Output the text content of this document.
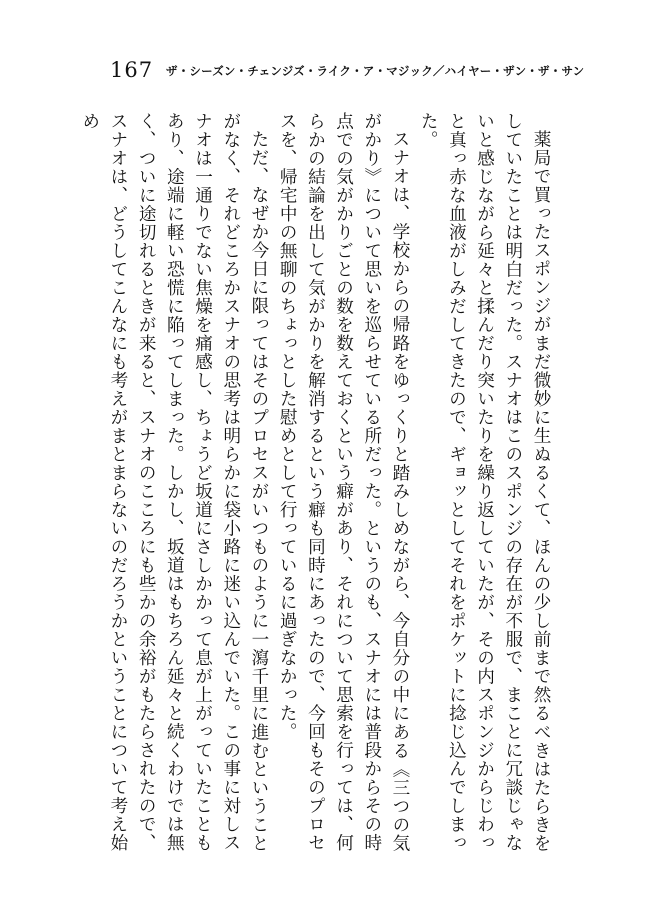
167 ザ・シーズン・チェンジズ・ライク・ア・マジック／ハイヤー・ザン・ザ・サン

薬局で買ったスポンジがまだ微妙に生ぬるくて、ほんの少し前まで然るべきはたらきをしていたことは明白だった。スナオはこのスポンジの存在が不服で、まことに冗談じゃないと感じながら延々と揉んだり突いたりを繰り返していたが、その内スポンジからじわっと真っ赤な血液がしみだしてきたので、ギョッとしてそれをポケットに捻じ込んでしまった。

スナオは、学校からの帰路をゆっくりと踏みしめながら、今自分の中にある《三つの気がかり》について思いを巡らせている所だった。というのも、スナオには普段からその時点での気がかりごとの数を数えておくという癖があり、それについて思索を行っては、何らかの結論を出して気がかりを解消するという癖も同時にあったので、今回もそのプロセスを、帰宅中の無聊のちょっとした慰めとして行っているに過ぎなかった。

ただ、なぜか今日に限ってはそのプロセスがいつものように一瀉千里に進むということがなく、それどころかスナオの思考は明らかに袋小路に迷い込んでいた。この事に対しスナオは一通りでない焦燥を痛感し、ちょうど坂道にさしかかって息が上がっていたこともあり、途端に軽い恐慌に陥ってしまった。しかし、坂道はもちろん延々と続くわけでは無く、ついに途切れるときが来ると、スナオのこころにも些かの余裕がもたらされたので、スナオは、どうしてこんなにも考えがまとまらないのだろうかということについて考え始め
